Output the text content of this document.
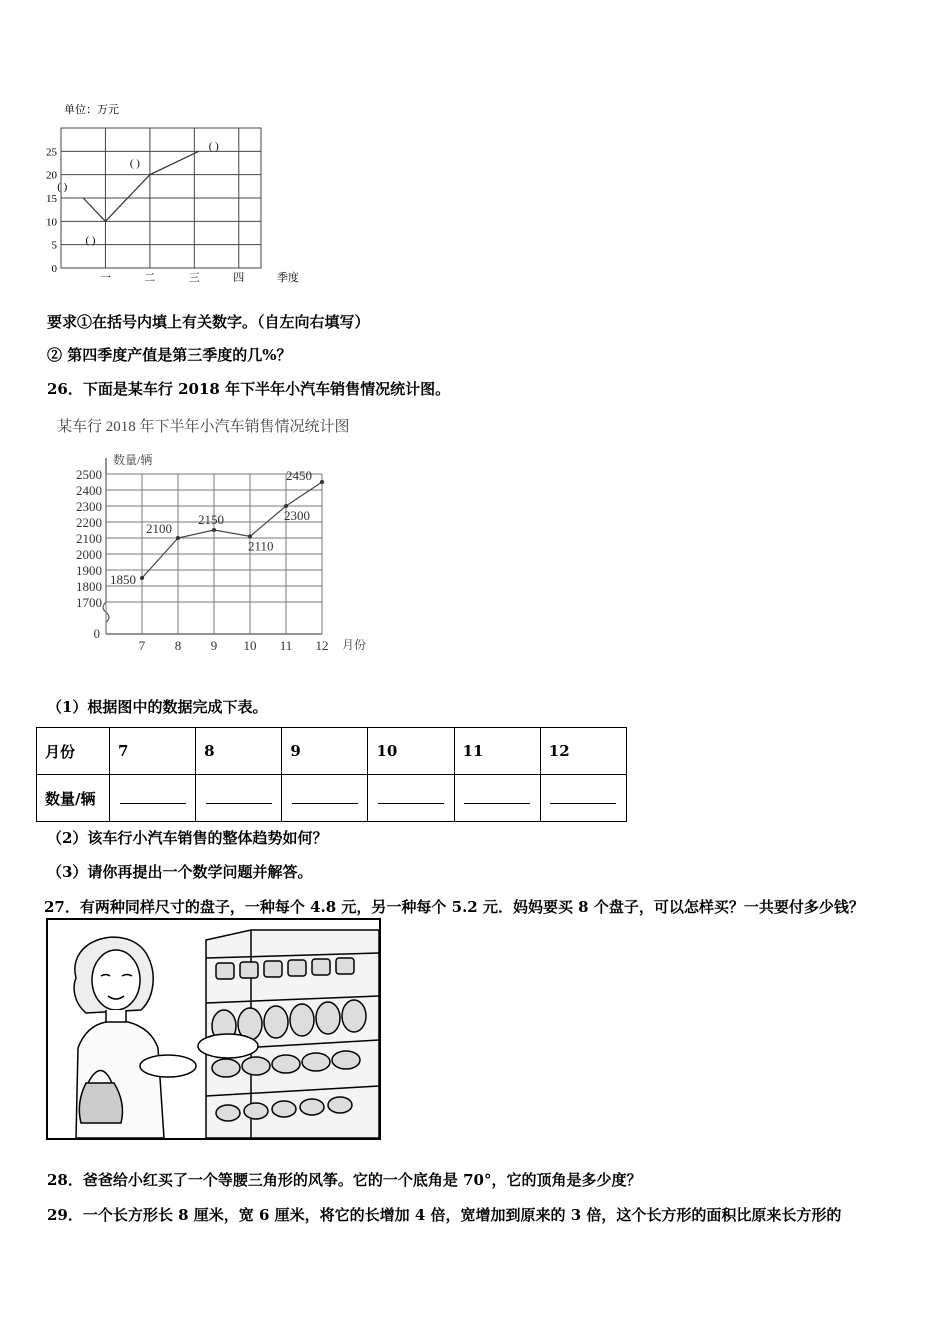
单位：万元
0
5
10
15
20
25
一	二	三	四	季度
( )
( )
( )
( )
要求①在括号内填上有关数字。（自左向右填写）
② 第四季度产值是第三季度的几%？
26．下面是某车行 2018 年下半年小汽车销售情况统计图。
某车行 2018 年下半年小汽车销售情况统计图
数量/辆
0
1700
1800
1900
2000
2100
2200
2300
2400
2500
7 8 9 10 11 12 月份
1850
2100
2150
2110
2300
2450
（1）根据图中的数据完成下表。
月份	7	8	9	10	11	12
数量/辆						
（2）该车行小汽车销售的整体趋势如何？
（3）请你再提出一个数学问题并解答。
27．有两种同样尺寸的盘子，一种每个 4.8 元，另一种每个 5.2 元．妈妈要买 8 个盘子，可以怎样买？一共要付多少钱？
28．爸爸给小红买了一个等腰三角形的风筝。它的一个底角是 70°，它的顶角是多少度？
29．一个长方形长 8 厘米，宽 6 厘米，将它的长增加 4 倍，宽增加到原来的 3 倍，这个长方形的面积比原来长方形的
